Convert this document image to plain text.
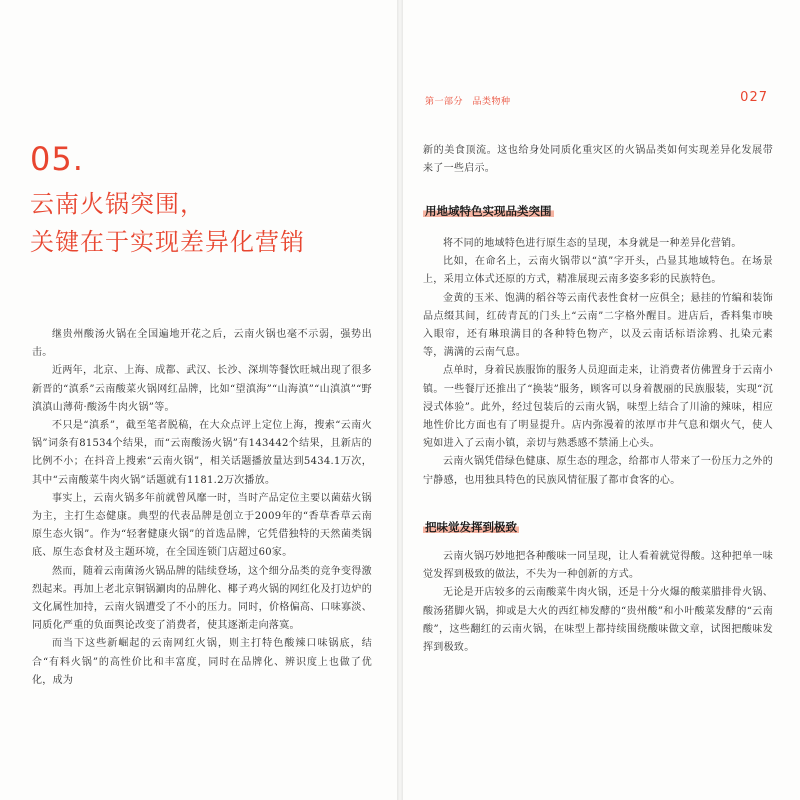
05.
云南火锅突围，
关键在于实现差异化营销

继贵州酸汤火锅在全国遍地开花之后，云南火锅也毫不示弱，强势出击。

近两年，北京、上海、成都、武汉、长沙、深圳等餐饮旺城出现了很多新晋的“滇系”云南酸菜火锅网红品牌，比如“望滇海”“山海滇”“山滇滇”“野滇滇山薄荷·酸汤牛肉火锅”等。

不只是“滇系”，截至笔者脱稿，在大众点评上定位上海，搜索“云南火锅”词条有81534个结果，而“云南酸汤火锅”有143442个结果，且新店的比例不小；在抖音上搜索“云南火锅”，相关话题播放量达到5434.1万次，其中“云南酸菜牛肉火锅”话题就有1181.2万次播放。

事实上，云南火锅多年前就曾风靡一时，当时产品定位主要以菌菇火锅为主，主打生态健康。典型的代表品牌是创立于2009年的“香草香草云南原生态火锅”。作为“轻奢健康火锅”的首选品牌，它凭借独特的天然菌类锅底、原生态食材及主题环境，在全国连锁门店超过60家。

然而，随着云南菌汤火锅品牌的陆续登场，这个细分品类的竞争变得激烈起来。再加上老北京铜锅涮肉的品牌化、椰子鸡火锅的网红化及打边炉的文化属性加持，云南火锅遭受了不小的压力。同时，价格偏高、口味寡淡、同质化严重的负面舆论改变了消费者，使其逐渐走向落寞。

而当下这些新崛起的云南网红火锅，则主打特色酸辣口味锅底，结合“有料火锅”的高性价比和丰富度，同时在品牌化、辨识度上也做了优化，成为

第一部分　品类物种	027

新的美食顶流。这也给身处同质化重灾区的火锅品类如何实现差异化发展带来了一些启示。

用地域特色实现品类突围

将不同的地域特色进行原生态的呈现，本身就是一种差异化营销。

比如，在命名上，云南火锅带以“滇”字开头，凸显其地域特色。在场景上，采用立体式还原的方式，精准展现云南多姿多彩的民族特色。

金黄的玉米、饱满的稻谷等云南代表性食材一应俱全；悬挂的竹编和装饰品点缀其间，红砖青瓦的门头上“云南”二字格外醒目。进店后，香料集市映入眼帘，还有琳琅满目的各种特色物产，以及云南话标语涂鸦、扎染元素等，满满的云南气息。

点单时，身着民族服饰的服务人员迎面走来，让消费者仿佛置身于云南小镇。一些餐厅还推出了“换装”服务，顾客可以身着靓丽的民族服装，实现“沉浸式体验”。此外，经过包装后的云南火锅，味型上结合了川渝的辣味，相应地性价比方面也有了明显提升。店内弥漫着的浓厚市井气息和烟火气，使人宛如进入了云南小镇，亲切与熟悉感不禁涌上心头。

云南火锅凭借绿色健康、原生态的理念，给都市人带来了一份压力之外的宁静感，也用独具特色的民族风情征服了都市食客的心。

把味觉发挥到极致

云南火锅巧妙地把各种酸味一同呈现，让人看着就觉得酸。这种把单一味觉发挥到极致的做法，不失为一种创新的方式。

无论是开店较多的云南酸菜牛肉火锅，还是十分火爆的酸菜腊排骨火锅、酸汤猪脚火锅，抑或是大火的西红柿发酵的“贵州酸”和小叶酸菜发酵的“云南酸”，这些翻红的云南火锅，在味型上都持续围绕酸味做文章，试图把酸味发挥到极致。
